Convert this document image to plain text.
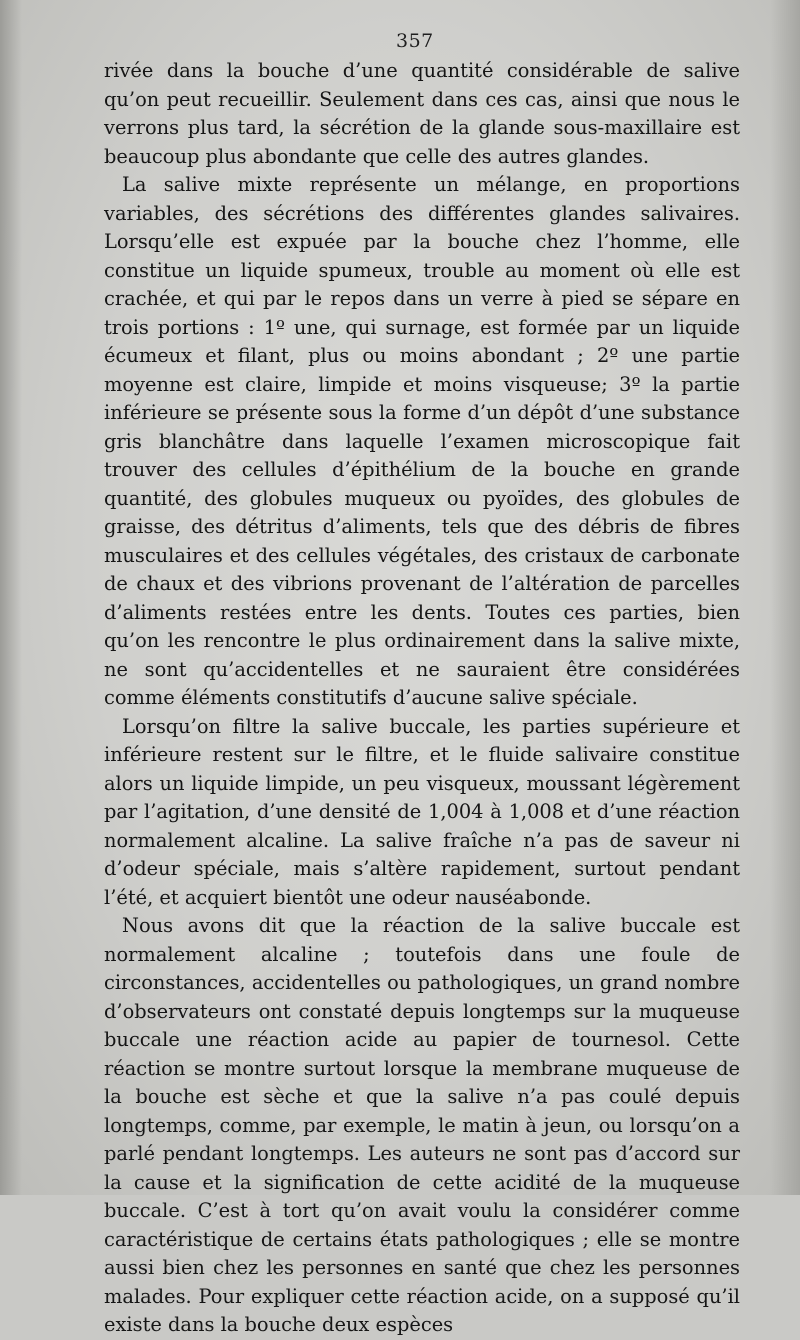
357

rivée dans la bouche d’une quantité considérable de salive qu’on peut recueillir. Seulement dans ces cas, ainsi que nous le verrons plus tard, la sécrétion de la glande sous-maxillaire est beaucoup plus abondante que celle des autres glandes.

La salive mixte représente un mélange, en proportions variables, des sécrétions des différentes glandes salivaires. Lorsqu’elle est expuée par la bouche chez l’homme, elle constitue un liquide spumeux, trouble au moment où elle est crachée, et qui par le repos dans un verre à pied se sépare en trois portions : 1º une, qui surnage, est formée par un liquide écumeux et filant, plus ou moins abondant ; 2º une partie moyenne est claire, limpide et moins visqueuse; 3º la partie inférieure se présente sous la forme d’un dépôt d’une substance gris blanchâtre dans laquelle l’examen microscopique fait trouver des cellules d’épithélium de la bouche en grande quantité, des globules muqueux ou pyoïdes, des globules de graisse, des détritus d’aliments, tels que des débris de fibres musculaires et des cellules végétales, des cristaux de carbonate de chaux et des vibrions provenant de l’altération de parcelles d’aliments restées entre les dents. Toutes ces parties, bien qu’on les rencontre le plus ordinairement dans la salive mixte, ne sont qu’accidentelles et ne sauraient être considérées comme éléments constitutifs d’aucune salive spéciale.

Lorsqu’on filtre la salive buccale, les parties supérieure et inférieure restent sur le filtre, et le fluide salivaire constitue alors un liquide limpide, un peu visqueux, moussant légèrement par l’agitation, d’une densité de 1,004 à 1,008 et d’une réaction normalement alcaline. La salive fraîche n’a pas de saveur ni d’odeur spéciale, mais s’altère rapidement, surtout pendant l’été, et acquiert bientôt une odeur nauséabonde.

Nous avons dit que la réaction de la salive buccale est normalement alcaline ; toutefois dans une foule de circonstances, accidentelles ou pathologiques, un grand nombre d’observateurs ont constaté depuis longtemps sur la muqueuse buccale une réaction acide au papier de tournesol. Cette réaction se montre surtout lorsque la membrane muqueuse de la bouche est sèche et que la salive n’a pas coulé depuis longtemps, comme, par exemple, le matin à jeun, ou lorsqu’on a parlé pendant longtemps. Les auteurs ne sont pas d’accord sur la cause et la signification de cette acidité de la muqueuse buccale. C’est à tort qu’on avait voulu la considérer comme caractéristique de certains états pathologiques ; elle se montre aussi bien chez les personnes en santé que chez les personnes malades. Pour expliquer cette réaction acide, on a supposé qu’il existe dans la bouche deux espèces
